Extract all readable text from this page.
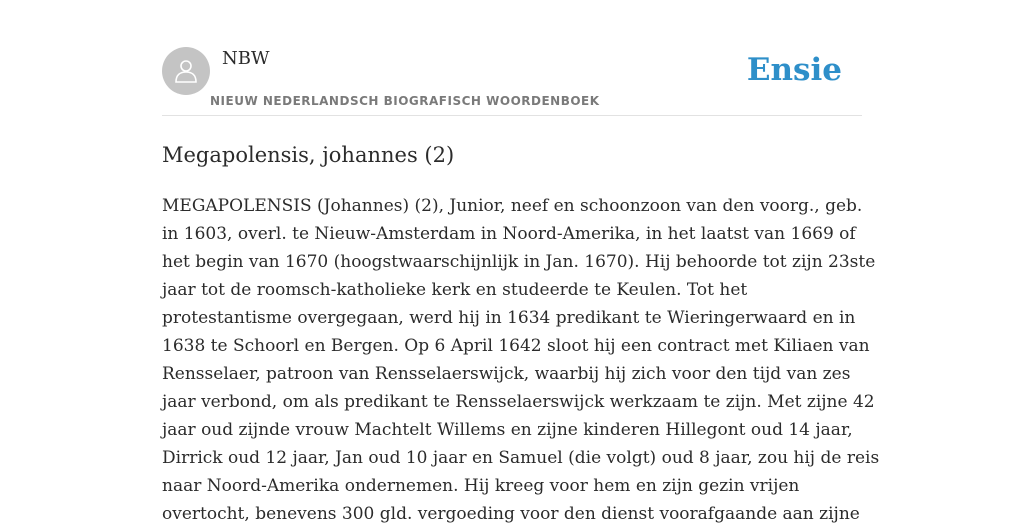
NBW
NIEUW NEDERLANDSCH BIOGRAFISCH WOORDENBOEK
Ensie
Megapolensis, johannes (2)
MEGAPOLENSIS (Johannes) (2), Junior, neef en schoonzoon van den voorg., geb.
in 1603, overl. te Nieuw-Amsterdam in Noord-Amerika, in het laatst van 1669 of
het begin van 1670 (hoogstwaarschijnlijk in Jan. 1670). Hij behoorde tot zijn 23ste
jaar tot de roomsch-katholieke kerk en studeerde te Keulen. Tot het
protestantisme overgegaan, werd hij in 1634 predikant te Wieringerwaard en in
1638 te Schoorl en Bergen. Op 6 April 1642 sloot hij een contract met Kiliaen van
Rensselaer, patroon van Rensselaerswijck, waarbij hij zich voor den tijd van zes
jaar verbond, om als predikant te Rensselaerswijck werkzaam te zijn. Met zijne 42
jaar oud zijnde vrouw Machtelt Willems en zijne kinderen Hillegont oud 14 jaar,
Dirrick oud 12 jaar, Jan oud 10 jaar en Samuel (die volgt) oud 8 jaar, zou hij de reis
naar Noord-Amerika ondernemen. Hij kreeg voor hem en zijn gezin vrijen
overtocht, benevens 300 gld. vergoeding voor den dienst voorafgaande aan zijne
